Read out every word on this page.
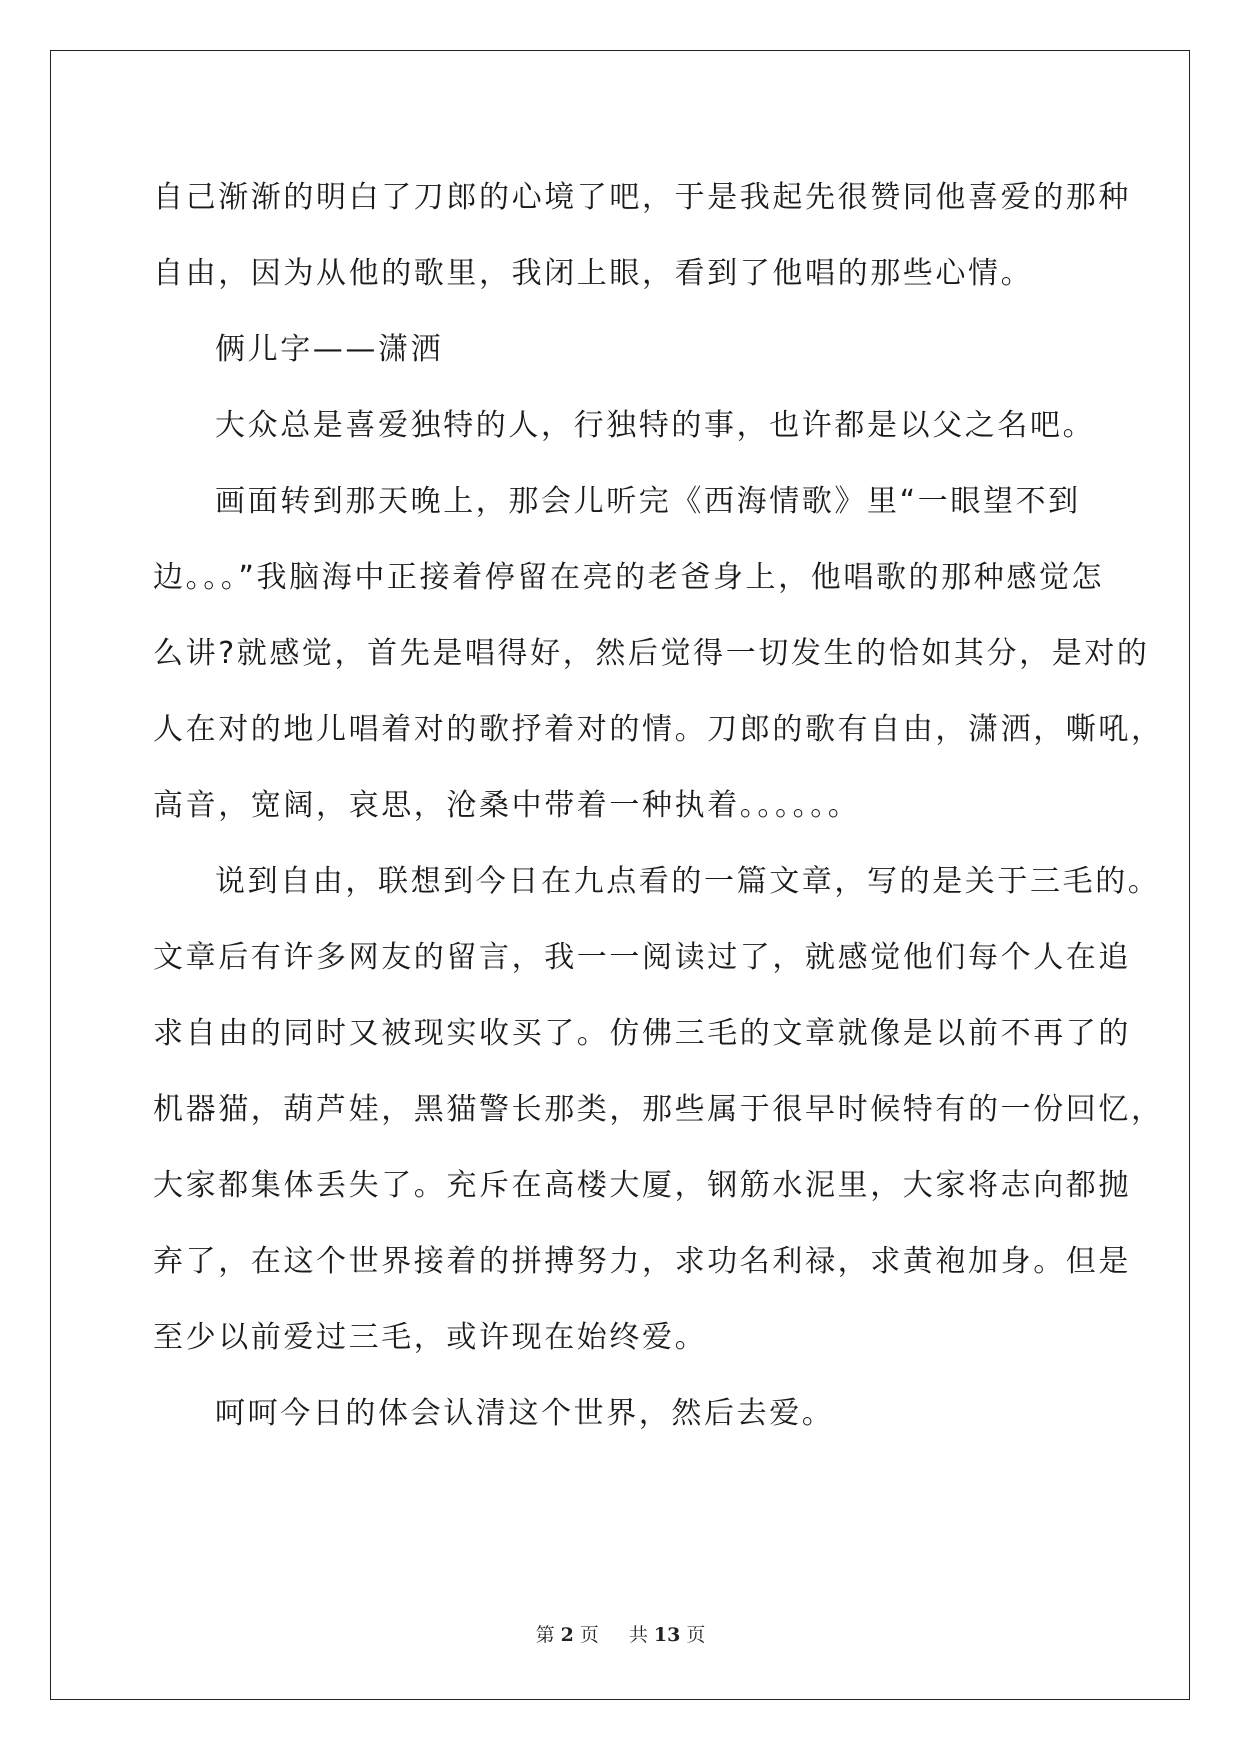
自己渐渐的明白了刀郎的心境了吧，于是我起先很赞同他喜爱的那种
自由，因为从他的歌里，我闭上眼，看到了他唱的那些心情。
俩儿字——潇洒
大众总是喜爱独特的人，行独特的事，也许都是以父之名吧。
画面转到那天晚上，那会儿听完《西海情歌》里“一眼望不到
边。。。”我脑海中正接着停留在亮的老爸身上，他唱歌的那种感觉怎
么讲?就感觉，首先是唱得好，然后觉得一切发生的恰如其分，是对的
人在对的地儿唱着对的歌抒着对的情。刀郎的歌有自由，潇洒，嘶吼，
高音，宽阔，哀思，沧桑中带着一种执着。。。。。。
说到自由，联想到今日在九点看的一篇文章，写的是关于三毛的。
文章后有许多网友的留言，我一一阅读过了，就感觉他们每个人在追
求自由的同时又被现实收买了。仿佛三毛的文章就像是以前不再了的
机器猫，葫芦娃，黑猫警长那类，那些属于很早时候特有的一份回忆，
大家都集体丢失了。充斥在高楼大厦，钢筋水泥里，大家将志向都抛
弃了，在这个世界接着的拼搏努力，求功名利禄，求黄袍加身。但是
至少以前爱过三毛，或许现在始终爱。
呵呵今日的体会认清这个世界，然后去爱。
第 2 页 共 13 页
